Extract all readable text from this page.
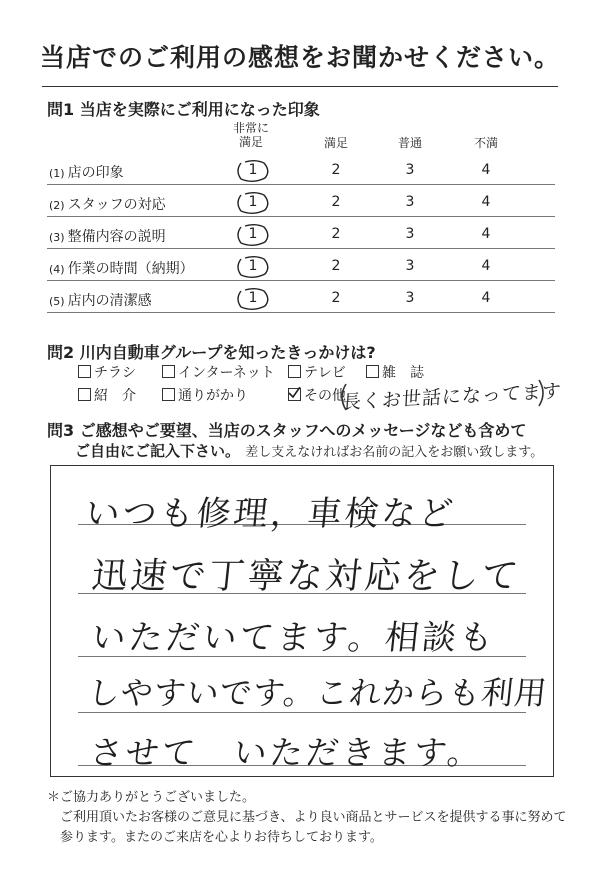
当店でのご利用の感想をお聞かせください。
問1 当店を実際にご利用になった印象
非常に
満足	満足	普通	不満
(1) 店の印象	1	2	3	4
(2) スタッフの対応	1	2	3	4
(3) 整備内容の説明	1	2	3	4
(4) 作業の時間（納期）	1	2	3	4
(5) 店内の清潔感	1	2	3	4
問2 川内自動車グループを知ったきっかけは?
チラシ	インターネット	テレビ	雑　誌
紹　介	通りがかり	その他
長くお世話になってます
問3 ご感想やご要望、当店のスタッフへのメッセージなども含めて
ご自由にご記入下さい。 差し支えなければお名前の記入をお願い致します。
いつも修理，車検など
迅速で丁寧な対応をして
いただいてます。相談も
しやすいです。これからも利用
させて　いただきます。
＊ご協力ありがとうございました。
ご利用頂いたお客様のご意見に基づき、より良い商品とサービスを提供する事に努めて
参ります。またのご来店を心よりお待ちしております。
